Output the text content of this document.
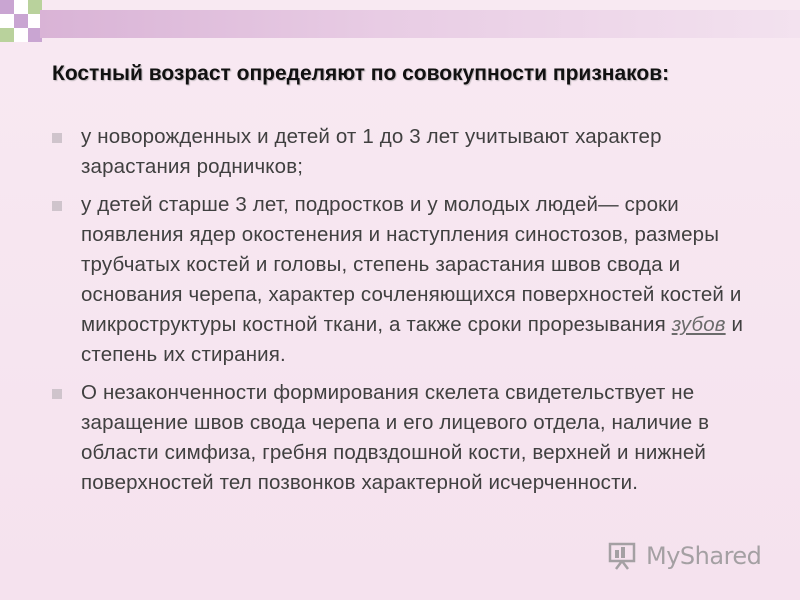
Костный возраст определяют по совокупности признаков:
у новорожденных и детей от 1 до 3 лет учитывают характер зарастания родничков;
у детей старше 3 лет, подростков и у молодых людей— сроки появления ядер окостенения и наступления синостозов, размеры трубчатых костей и головы, степень зарастания швов свода и основания черепа, характер сочленяющихся поверхностей костей и микроструктуры костной ткани, а также сроки прорезывания зубов и степень их стирания.
О незаконченности формирования скелета свидетельствует не заращение швов свода черепа и его лицевого отдела, наличие в области симфиза, гребня подвздошной кости, верхней и нижней поверхностей тел позвонков характерной исчерченности.
MyShared
